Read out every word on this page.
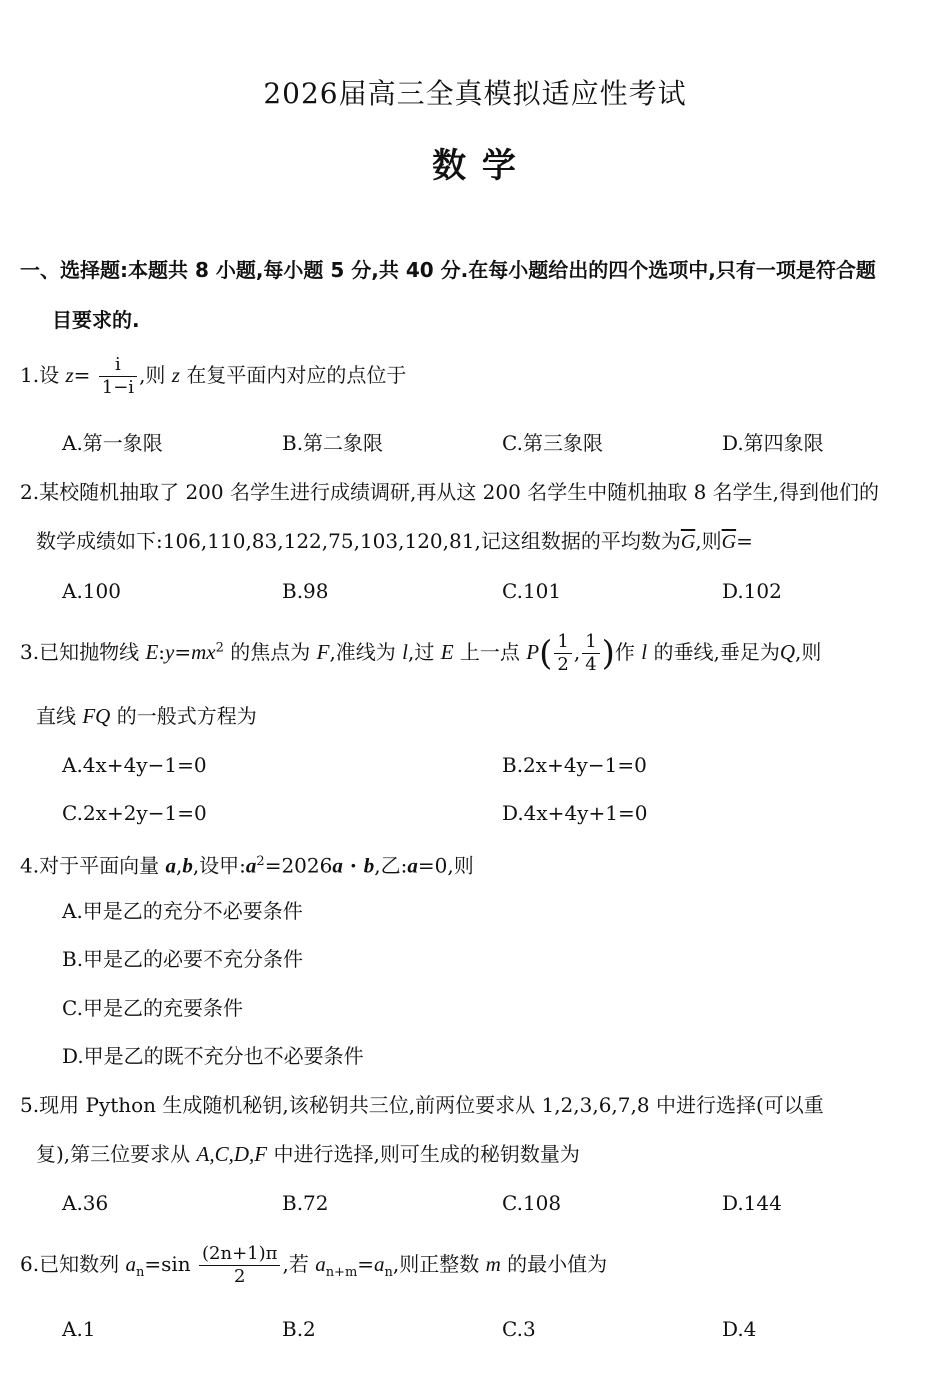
2026届高三全真模拟适应性考试
数 学
一、选择题:本题共 8 小题,每小题 5 分,共 40 分.在每小题给出的四个选项中,只有一项是符合题
目要求的.
1.设 $z= \frac{i}{1-i}$ ,则 z 在复平面内对应的点位于
A.第一象限	B.第二象限	C.第三象限	D.第四象限
2.某校随机抽取了 200 名学生进行成绩调研,再从这 200 名学生中随机抽取 8 名学生,得到他们的
数学成绩如下:106,110,83,122,75,103,120,81,记这组数据的平均数为$\overline{G}$,则$\overline{G}=$
A.100	B.98	C.101	D.102
3.已知抛物线 $E:y=mx^2$ 的焦点为 F,准线为 l,过 E 上一点 $P( \frac{1}{2}$ , $\frac{1}{4}$ )作 l 的垂线,垂足为Q,则
直线 FQ 的一般式方程为
A.4x+4y−1=0	B.2x+4y−1=0
C.2x+2y−1=0	D.4x+4y+1=0
4.对于平面向量 a,b,设甲$:a^2=2026a \cdot b$,乙:a=0,则
A.甲是乙的充分不必要条件
B.甲是乙的必要不充分条件
C.甲是乙的充要条件
D.甲是乙的既不充分也不必要条件
5.现用 Python 生成随机秘钥,该秘钥共三位,前两位要求从 1,2,3,6,7,8 中进行选择(可以重
复),第三位要求从 A,C,D,F 中进行选择,则可生成的秘钥数量为
A.36	B.72	C.108	D.144
6.已知数列 $a_n=\sin \frac{(2n+1)\pi}{2}$ ,若 $a_{n+m}=a_n$,则正整数 m 的最小值为
A.1	B.2	C.3	D.4
